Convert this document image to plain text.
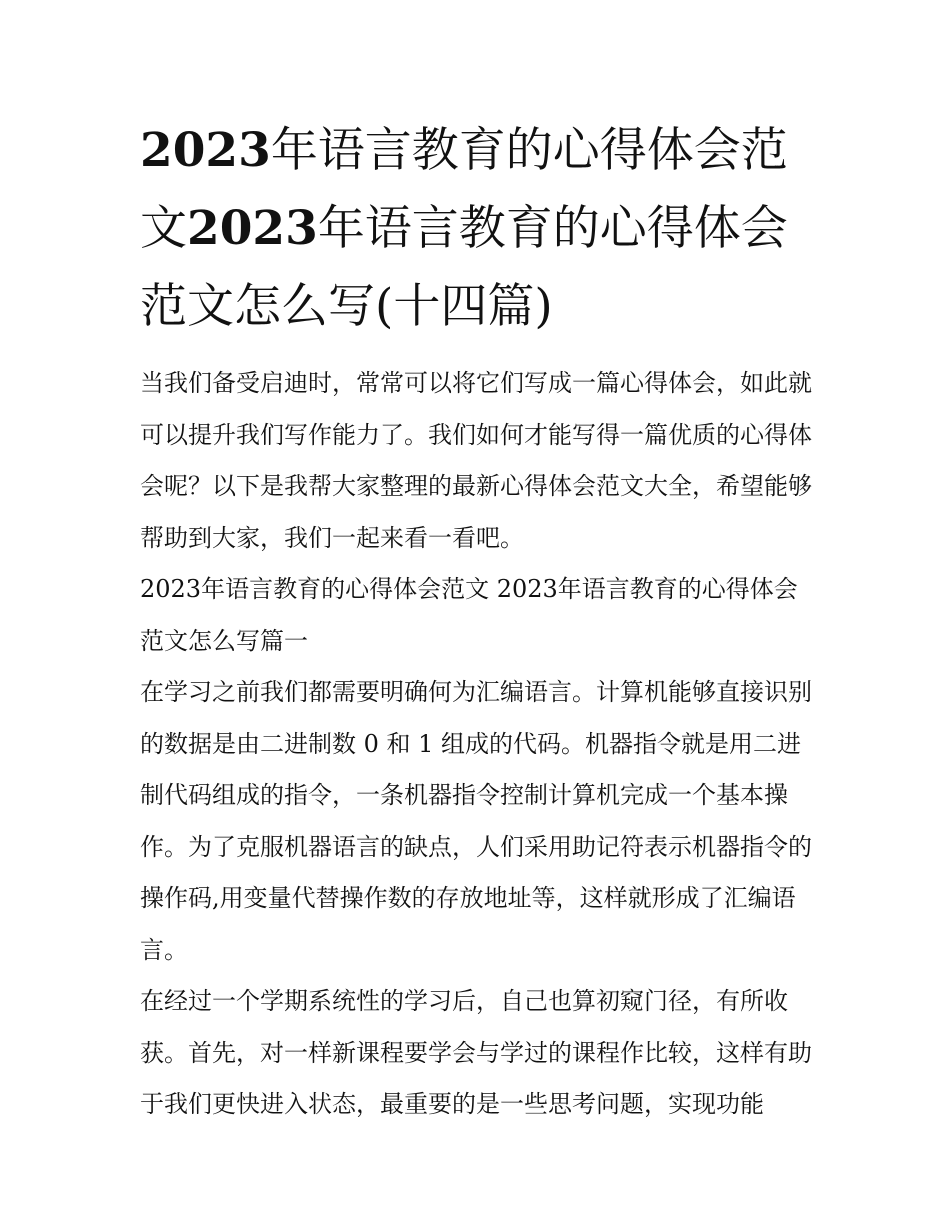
2023年语言教育的心得体会范文2023年语言教育的心得体会范文怎么写(十四篇)

当我们备受启迪时，常常可以将它们写成一篇心得体会，如此就可以提升我们写作能力了。我们如何才能写得一篇优质的心得体会呢？以下是我帮大家整理的最新心得体会范文大全，希望能够帮助到大家，我们一起来看一看吧。

2023年语言教育的心得体会范文 2023年语言教育的心得体会范文怎么写篇一

在学习之前我们都需要明确何为汇编语言。计算机能够直接识别的数据是由二进制数 0 和 1 组成的代码。机器指令就是用二进制代码组成的指令，一条机器指令控制计算机完成一个基本操作。为了克服机器语言的缺点，人们采用助记符表示机器指令的操作码,用变量代替操作数的存放地址等，这样就形成了汇编语言。

在经过一个学期系统性的学习后，自己也算初窥门径，有所收获。首先，对一样新课程要学会与学过的课程作比较，这样有助于我们更快进入状态，最重要的是一些思考问题，实现功能
